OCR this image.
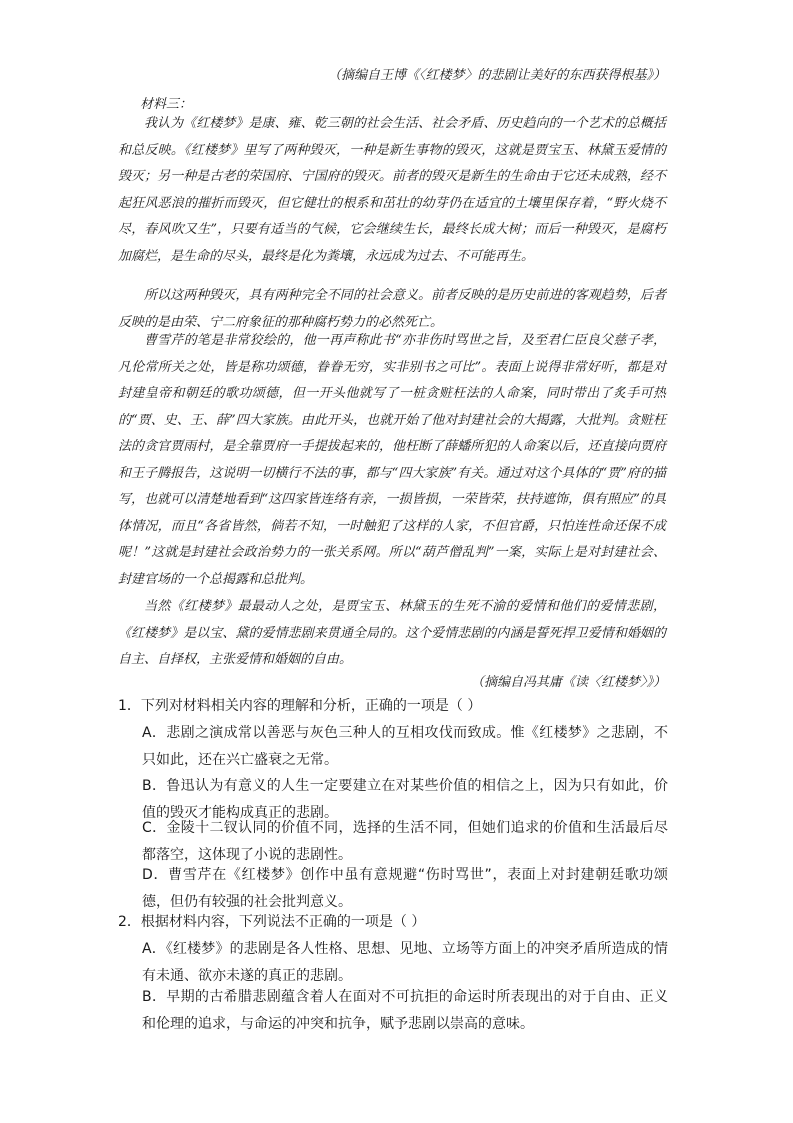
（摘编自王博《〈红楼梦〉的悲剧让美好的东西获得根基》）
材料三：

我认为《红楼梦》是康、雍、乾三朝的社会生活、社会矛盾、历史趋向的一个艺术的总概括和总反映。《红楼梦》里写了两种毁灭，一种是新生事物的毁灭，这就是贾宝玉、林黛玉爱情的毁灭；另一种是古老的荣国府、宁国府的毁灭。前者的毁灭是新生的生命由于它还未成熟，经不起狂风恶浪的摧折而毁灭，但它健壮的根系和茁壮的幼芽仍在适宜的土壤里保存着，“野火烧不尽，春风吹又生”，只要有适当的气候，它会继续生长，最终长成大树；而后一种毁灭，是腐朽加腐烂，是生命的尽头，最终是化为粪壤，永远成为过去、不可能再生。

所以这两种毁灭，具有两种完全不同的社会意义。前者反映的是历史前进的客观趋势，后者反映的是由荣、宁二府象征的那种腐朽势力的必然死亡。

曹雪芹的笔是非常狡绘的，他一再声称此书“亦非伤时骂世之旨，及至君仁臣良父慈子孝，凡伦常所关之处，皆是称功颂德，眷眷无穷，实非别书之可比”。表面上说得非常好听，都是对封建皇帝和朝廷的歌功颂德，但一开头他就写了一桩贪赃枉法的人命案，同时带出了炙手可热的“贾、史、王、薛”四大家族。由此开头，也就开始了他对封建社会的大揭露，大批判。贪赃枉法的贪官贾雨村，是全靠贾府一手提拔起来的，他枉断了薛蟠所犯的人命案以后，还直接向贾府和王子腾报告，这说明一切横行不法的事，都与“四大家族”有关。通过对这个具体的“贾”府的描写，也就可以清楚地看到“这四家皆连络有亲，一损皆损，一荣皆荣，扶持遮饰，俱有照应”的具体情况，而且“各省皆然，倘若不知，一时触犯了这样的人家，不但官爵，只怕连性命还保不成呢！”这就是封建社会政治势力的一张关系网。所以“葫芦僧乱判”一案，实际上是对封建社会、封建官场的一个总揭露和总批判。

当然《红楼梦》最最动人之处，是贾宝玉、林黛玉的生死不渝的爱情和他们的爱情悲剧，《红楼梦》是以宝、黛的爱情悲剧来贯通全局的。这个爱情悲剧的内涵是誓死捍卫爱情和婚姻的自主、自择权，主张爱情和婚姻的自由。

（摘编自冯其庸《读〈红楼梦〉》）

1．下列对材料相关内容的理解和分析，正确的一项是（ ）

A．悲剧之演成常以善恶与灰色三种人的互相攻伐而致成。惟《红楼梦》之悲剧，不只如此，还在兴亡盛衰之无常。

B．鲁迅认为有意义的人生一定要建立在对某些价值的相信之上，因为只有如此，价值的毁灭才能构成真正的悲剧。

C．金陵十二钗认同的价值不同，选择的生活不同，但她们追求的价值和生活最后尽都落空，这体现了小说的悲剧性。

D．曹雪芹在《红楼梦》创作中虽有意规避“伤时骂世”，表面上对封建朝廷歌功颂德，但仍有较强的社会批判意义。

2．根据材料内容，下列说法不正确的一项是（ ）

A．《红楼梦》的悲剧是各人性格、思想、见地、立场等方面上的冲突矛盾所造成的情有未通、欲亦未遂的真正的悲剧。

B．早期的古希腊悲剧蕴含着人在面对不可抗拒的命运时所表现出的对于自由、正义和伦理的追求，与命运的冲突和抗争，赋予悲剧以崇高的意味。
